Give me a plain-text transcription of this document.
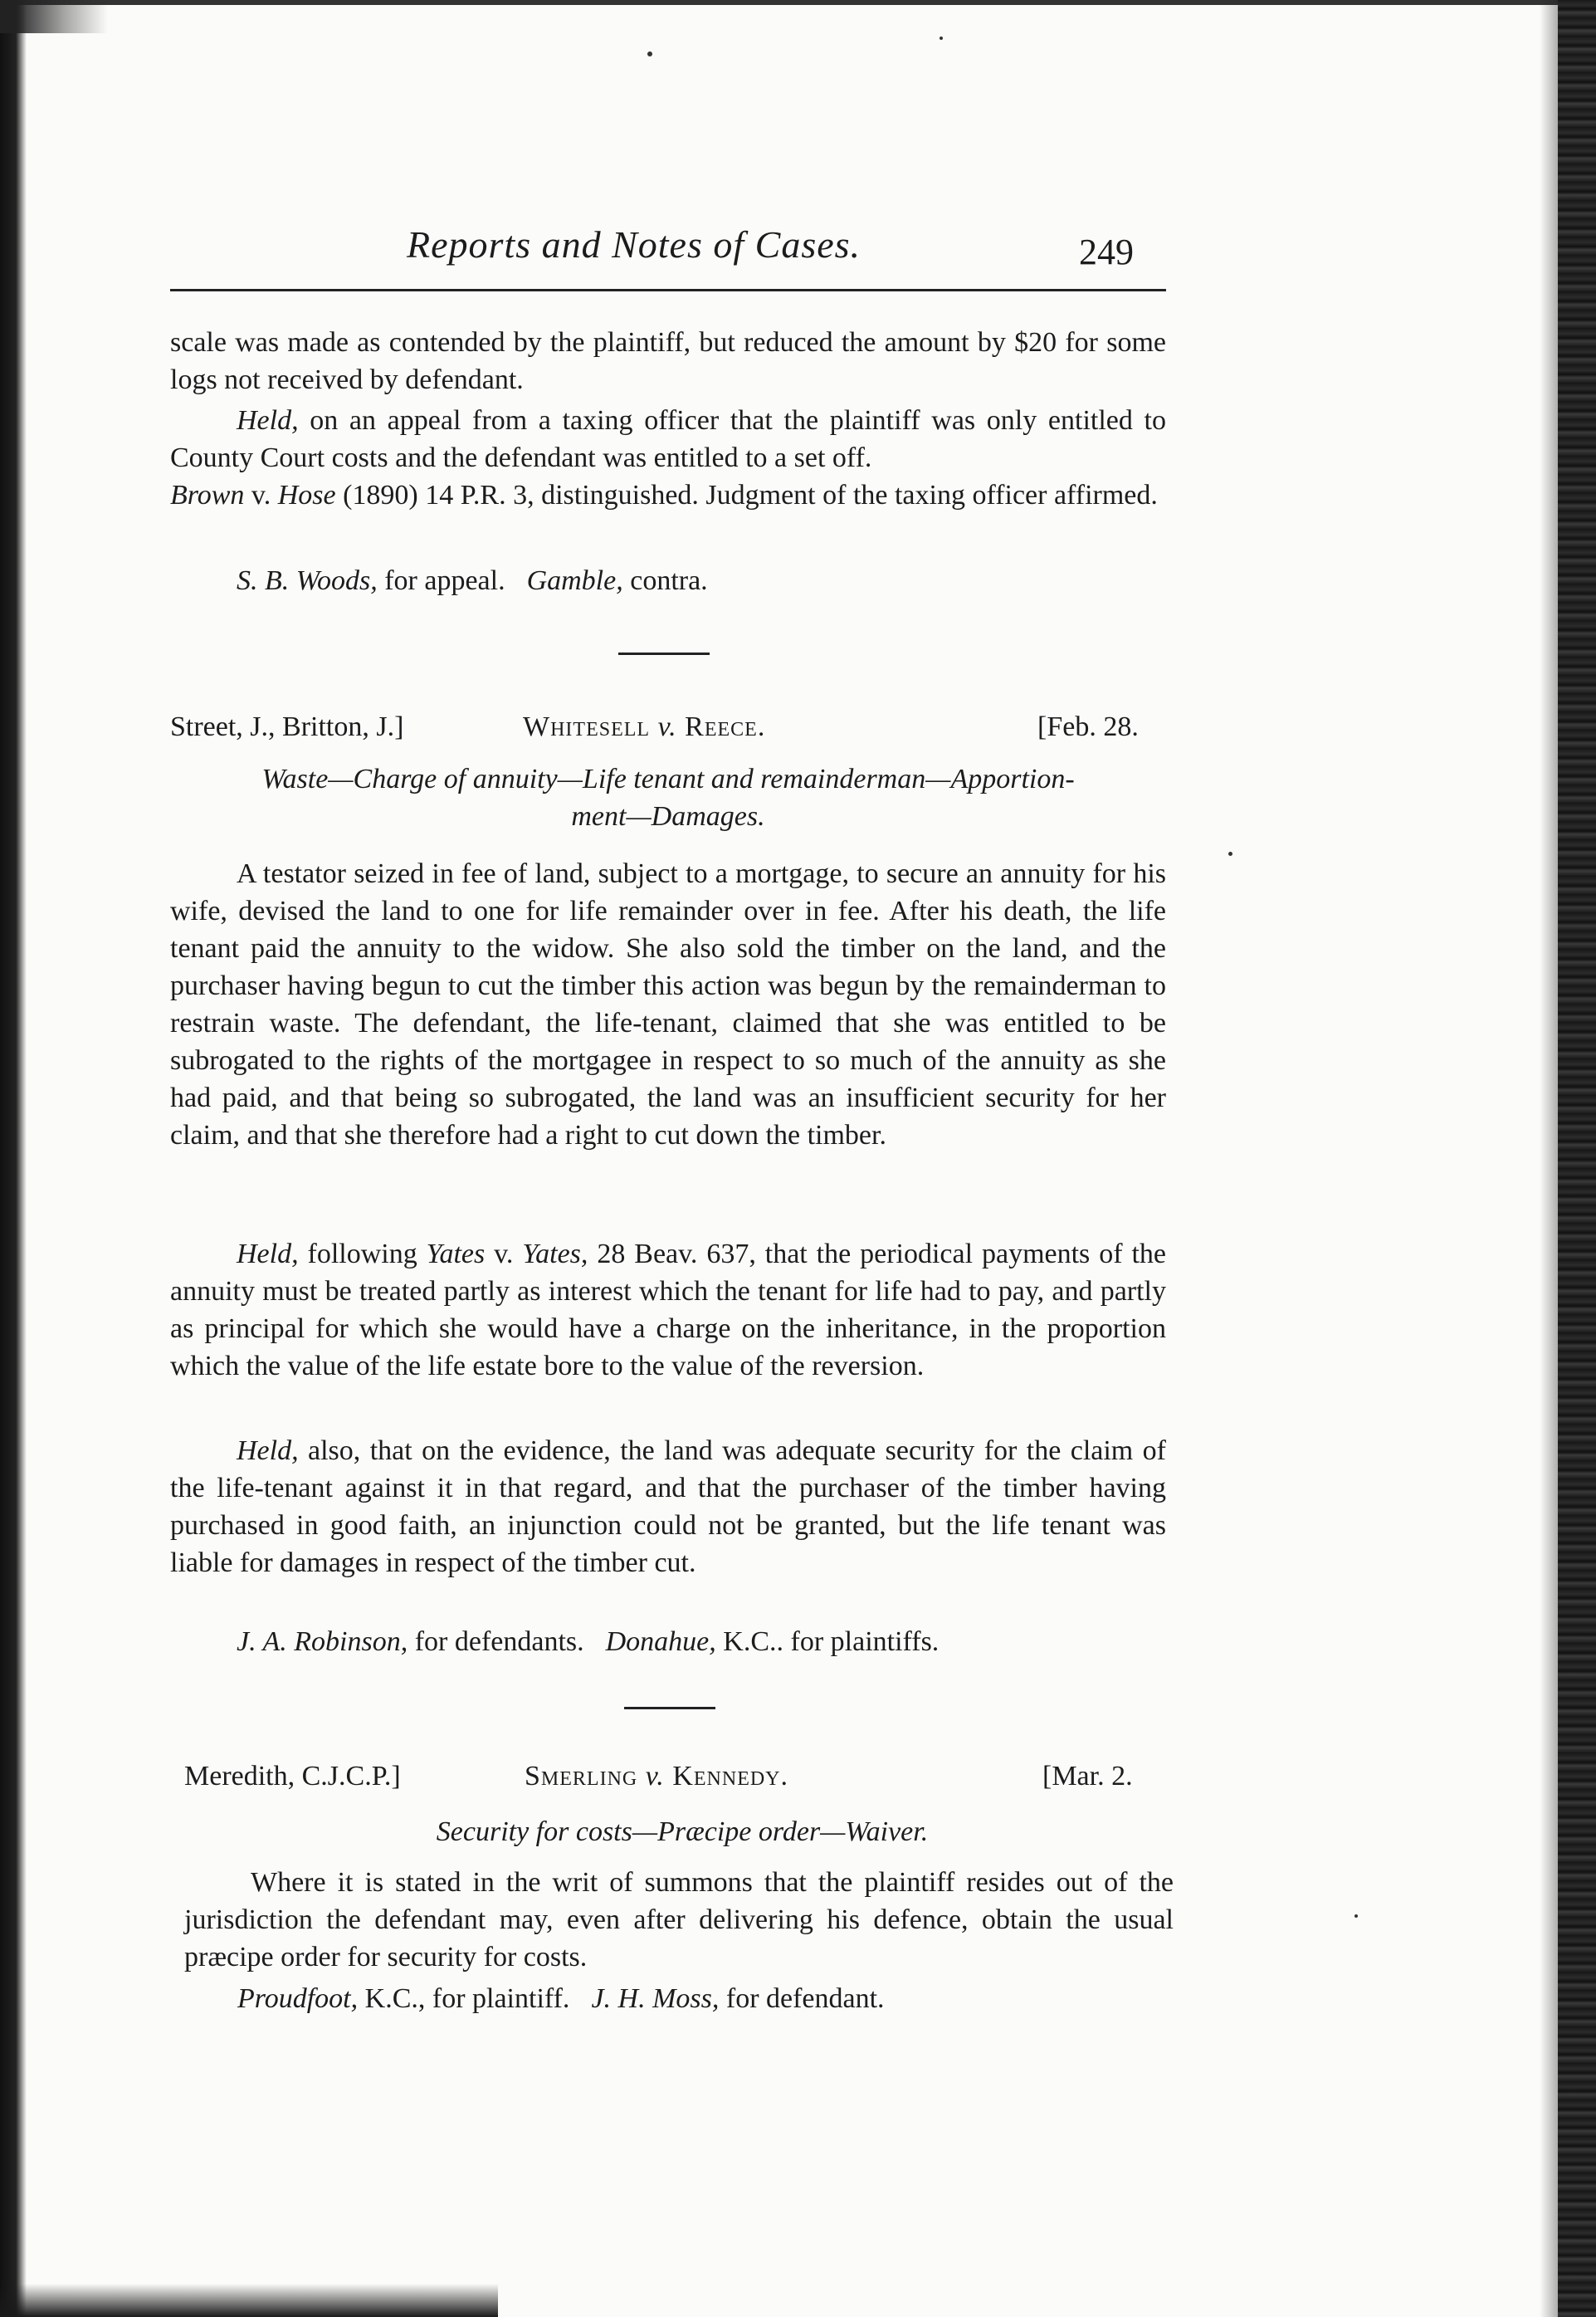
Reports and Notes of Cases.	249
scale was made as contended by the plaintiff, but reduced the amount by $20 for some logs not received by defendant.
Held, on an appeal from a taxing officer that the plaintiff was only entitled to County Court costs and the defendant was entitled to a set off.
Brown v. Hose (1890) 14 P.R. 3, distinguished. Judgment of the taxing officer affirmed.
S. B. Woods, for appeal. Gamble, contra.
Street, J., Britton, J.]	Whitesell v. Reece.	[Feb. 28.
Waste—Charge of annuity—Life tenant and remainderman—Apportion-
ment—Damages.
A testator seized in fee of land, subject to a mortgage, to secure an annuity for his wife, devised the land to one for life remainder over in fee. After his death, the life tenant paid the annuity to the widow. She also sold the timber on the land, and the purchaser having begun to cut the timber this action was begun by the remainderman to restrain waste. The defendant, the life-tenant, claimed that she was entitled to be subrogated to the rights of the mortgagee in respect to so much of the annuity as she had paid, and that being so subrogated, the land was an insufficient security for her claim, and that she therefore had a right to cut down the timber.
Held, following Yates v. Yates, 28 Beav. 637, that the periodical payments of the annuity must be treated partly as interest which the tenant for life had to pay, and partly as principal for which she would have a charge on the inheritance, in the proportion which the value of the life estate bore to the value of the reversion.
Held, also, that on the evidence, the land was adequate security for the claim of the life-tenant against it in that regard, and that the purchaser of the timber having purchased in good faith, an injunction could not be granted, but the life tenant was liable for damages in respect of the timber cut.
J. A. Robinson, for defendants. Donahue, K.C.. for plaintiffs.
Meredith, C.J.C.P.]	Smerling v. Kennedy.	[Mar. 2.
Security for costs—Præcipe order—Waiver.
Where it is stated in the writ of summons that the plaintiff resides out of the jurisdiction the defendant may, even after delivering his defence, obtain the usual præcipe order for security for costs.
Proudfoot, K.C., for plaintiff. J. H. Moss, for defendant.
